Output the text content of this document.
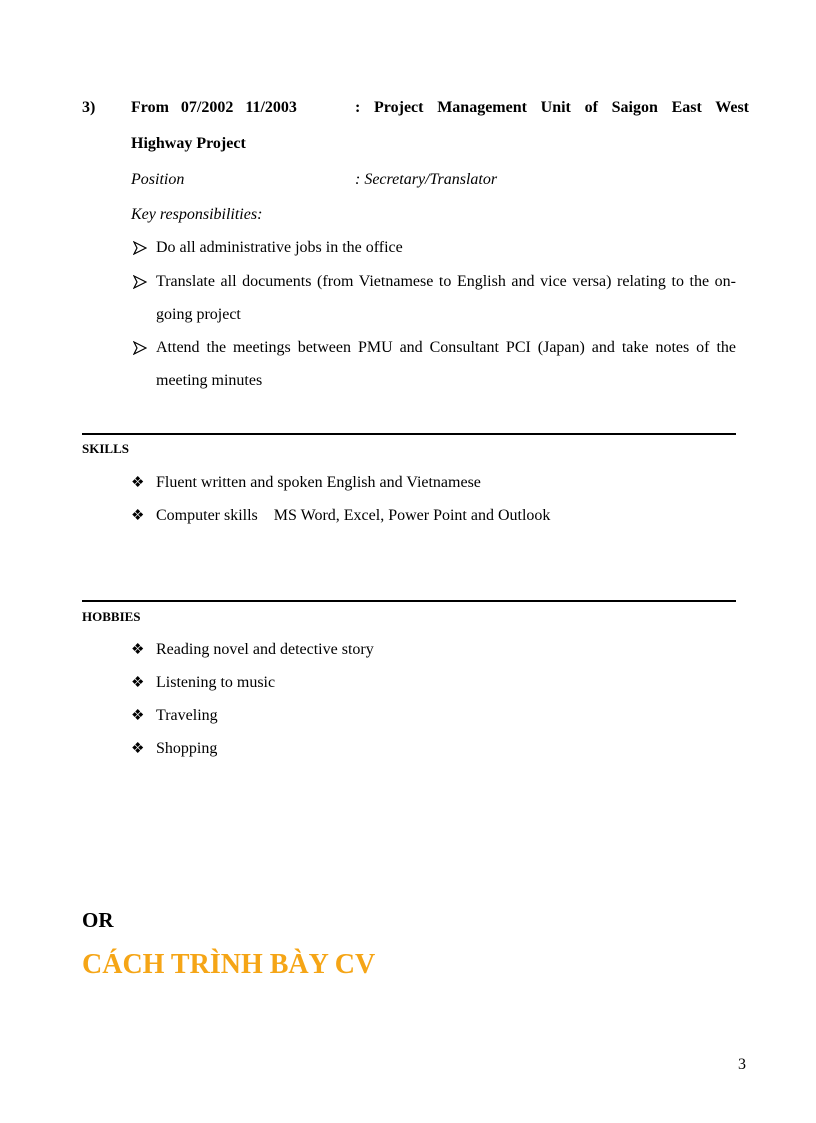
3) From 07/2002 11/2003	: Project Management Unit of Saigon East West
Highway Project
Position	: Secretary/Translator
Key responsibilities:
Do all administrative jobs in the office
Translate all documents (from Vietnamese to English and vice versa) relating to the on-
going project
Attend the meetings between PMU and Consultant PCI (Japan) and take notes of the
meeting minutes
SKILLS
❖ Fluent written and spoken English and Vietnamese
❖ Computer skills    MS Word, Excel, Power Point and Outlook
HOBBIES
❖ Reading novel and detective story
❖ Listening to music
❖ Traveling
❖ Shopping
OR
CÁCH TRÌNH BÀY CV
3
